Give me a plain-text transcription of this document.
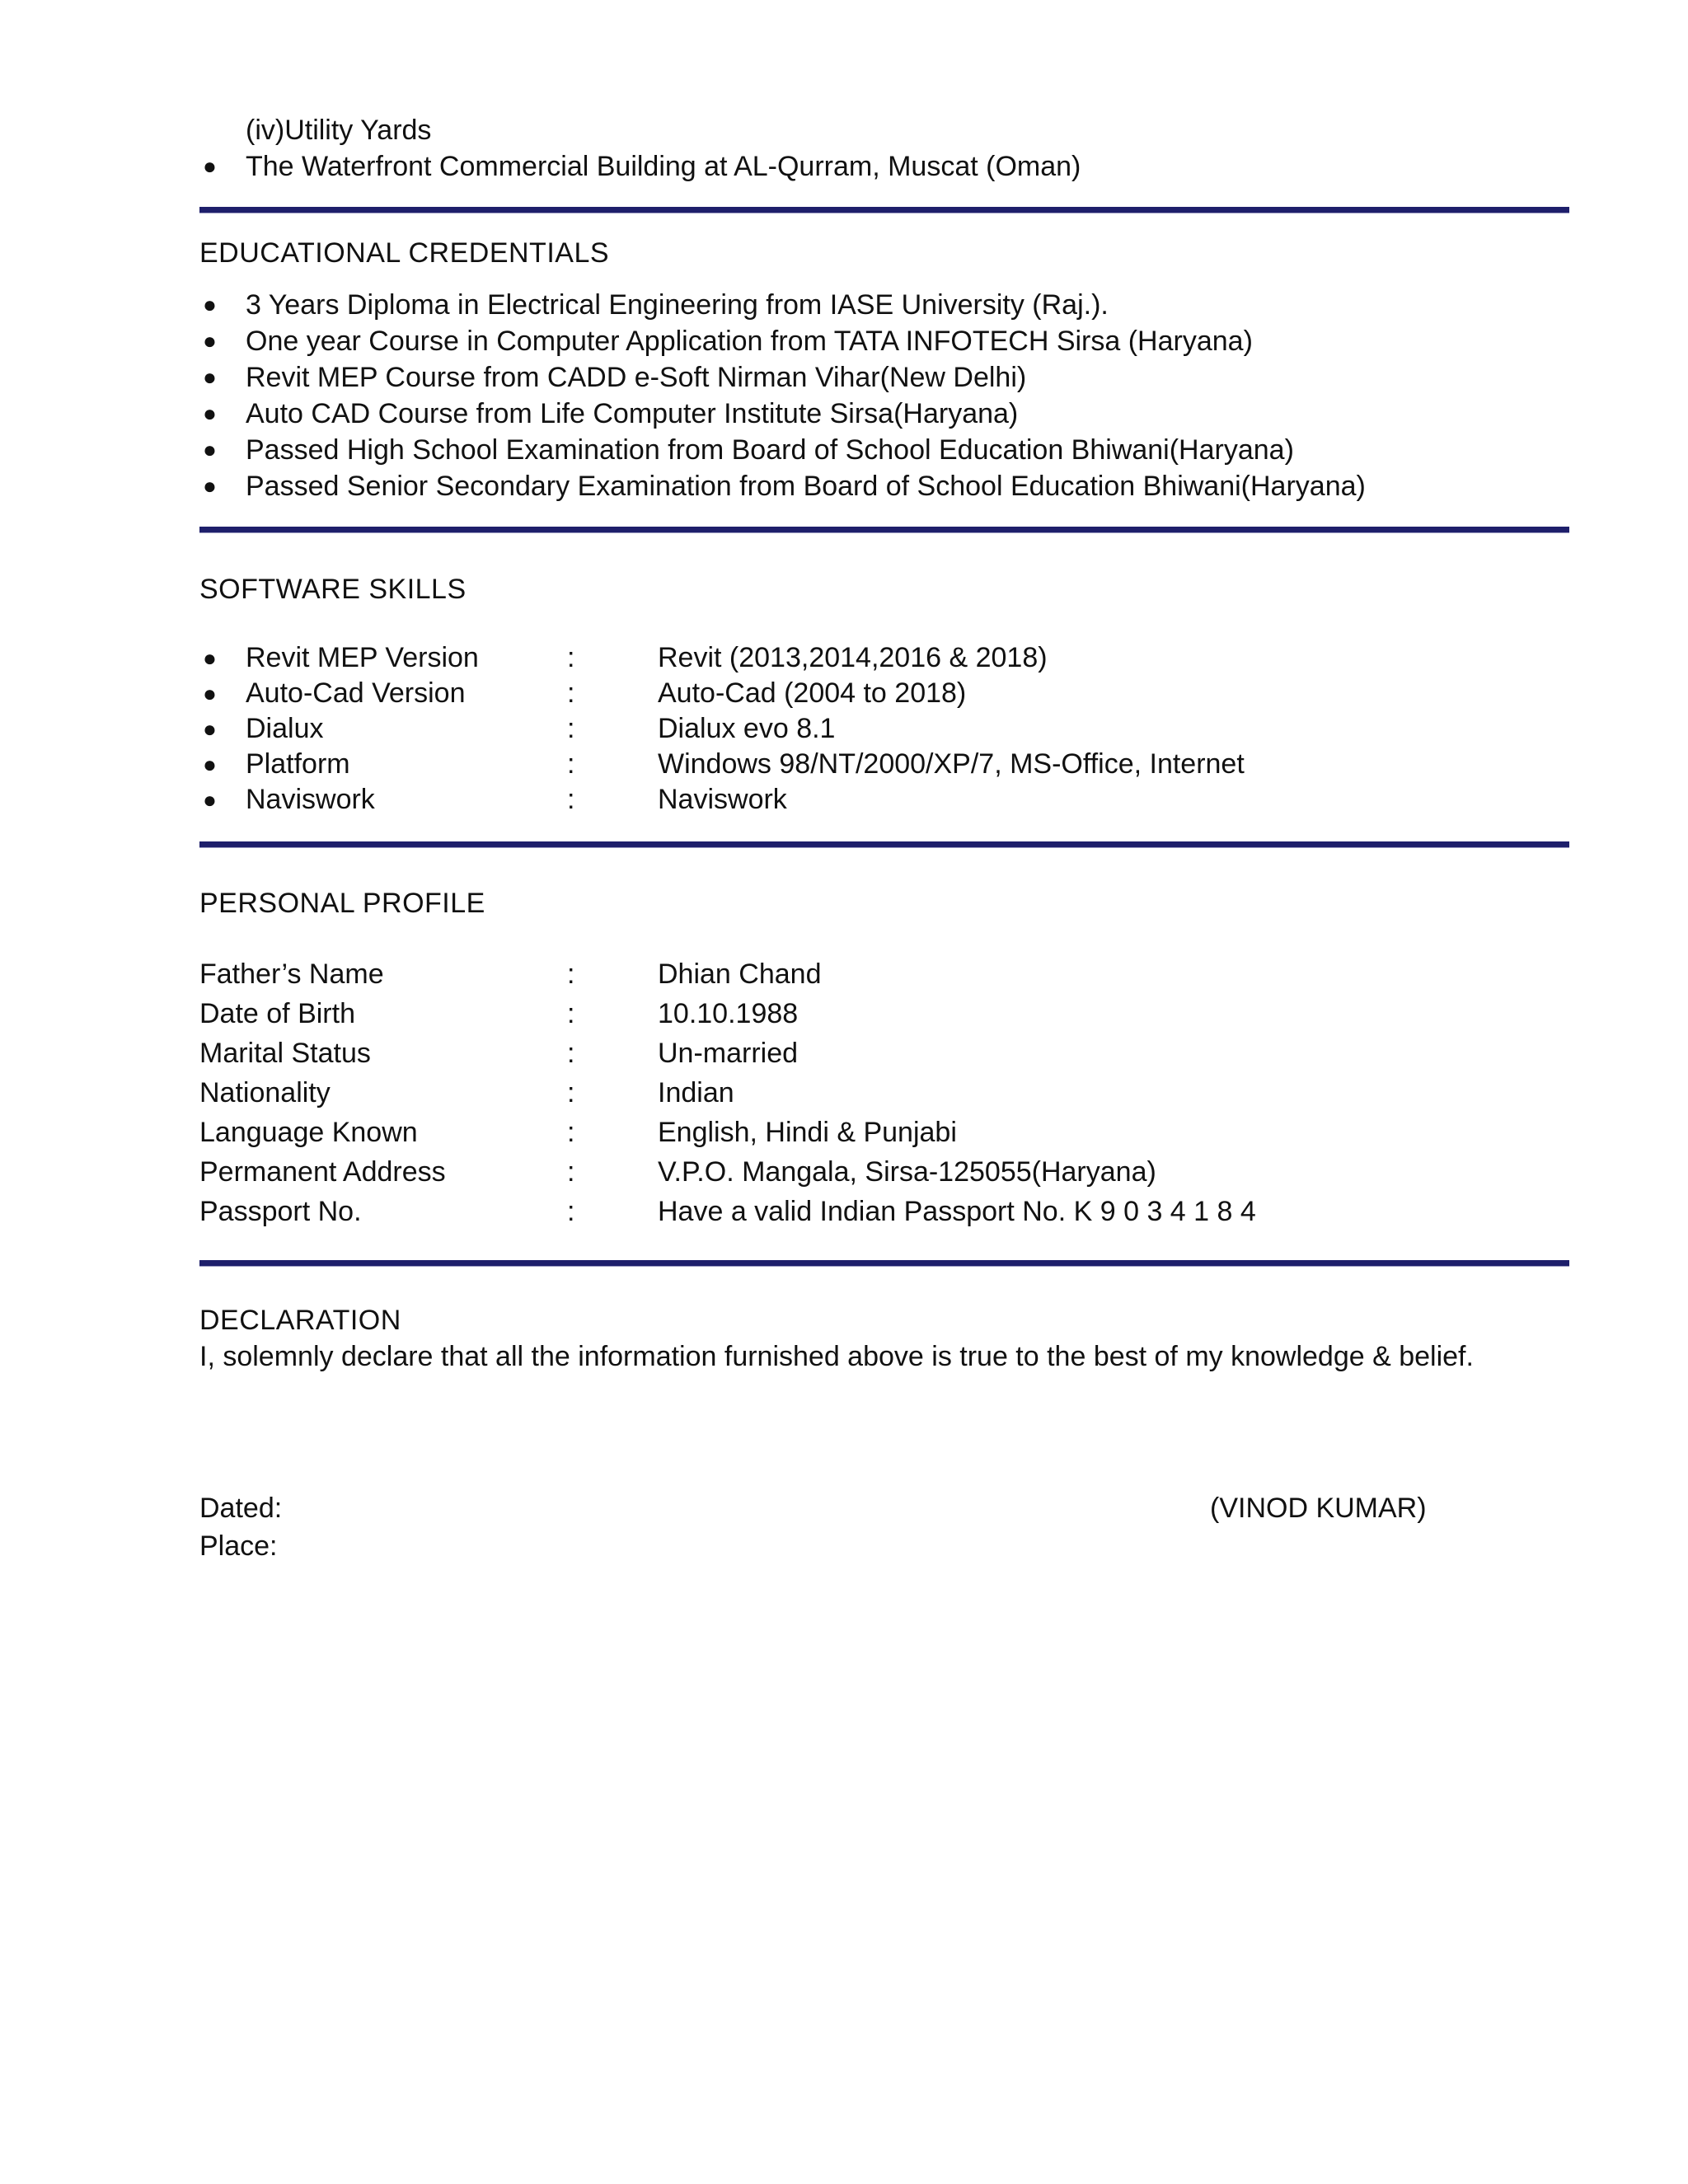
(iv)Utility Yards
● The Waterfront Commercial Building at AL-Qurram, Muscat (Oman)
EDUCATIONAL CREDENTIALS
● 3 Years Diploma in Electrical Engineering from IASE University (Raj.).
● One year Course in Computer Application from TATA INFOTECH Sirsa (Haryana)
● Revit MEP Course from CADD e-Soft Nirman Vihar(New Delhi)
● Auto CAD Course from Life Computer Institute Sirsa(Haryana)
● Passed High School Examination from Board of School Education Bhiwani(Haryana)
● Passed Senior Secondary Examination from Board of School Education Bhiwani(Haryana)
SOFTWARE SKILLS
● Revit MEP Version	:	Revit (2013,2014,2016 & 2018)
● Auto-Cad Version	:	Auto-Cad (2004 to 2018)
● Dialux	:	Dialux evo 8.1
● Platform	:	Windows 98/NT/2000/XP/7, MS-Office, Internet
● Naviswork	:	Naviswork
PERSONAL PROFILE
Father’s Name	:	Dhian Chand
Date of Birth	:	10.10.1988
Marital Status	:	Un-married
Nationality	:	Indian
Language Known	:	English, Hindi & Punjabi
Permanent Address	:	V.P.O. Mangala, Sirsa-125055(Haryana)
Passport No.	:	Have a valid Indian Passport No. K 9 0 3 4 1 8 4
DECLARATION
I, solemnly declare that all the information furnished above is true to the best of my knowledge & belief.
Dated:	(VINOD KUMAR)
Place:
